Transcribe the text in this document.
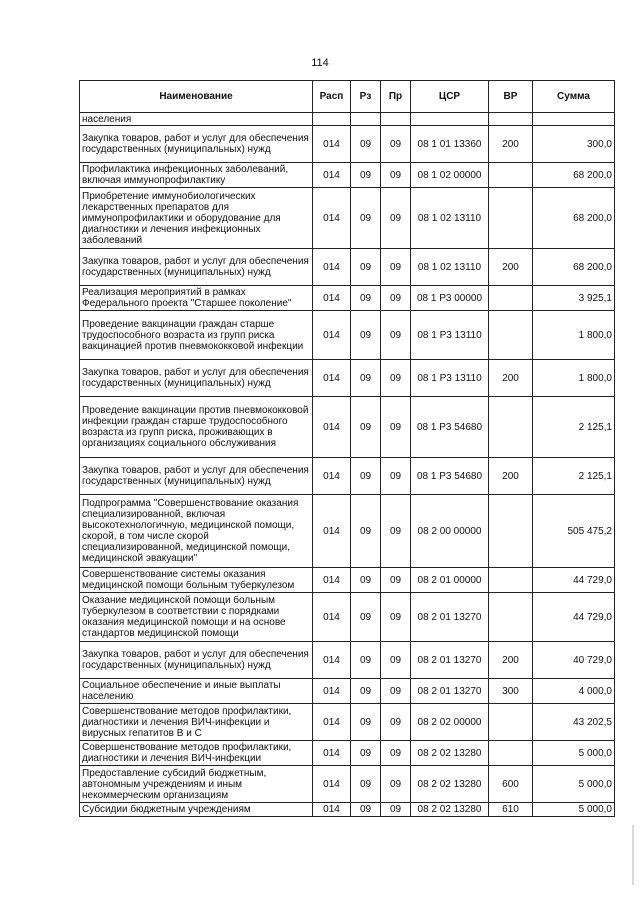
114
Наименование	Расп	Рз	Пр	ЦСР	ВР	Сумма
населения						
Закупка товаров, работ и услуг для обеспечения государственных (муниципальных) нужд	014	09	09	08 1 01 13360	200	300,0
Профилактика инфекционных заболеваний, включая иммунопрофилактику	014	09	09	08 1 02 00000		68 200,0
Приобретение иммунобиологических лекарственных препаратов для иммунопрофилактики и оборудование для диагностики и лечения инфекционных заболеваний	014	09	09	08 1 02 13110		68 200,0
Закупка товаров, работ и услуг для обеспечения государственных (муниципальных) нужд	014	09	09	08 1 02 13110	200	68 200,0
Реализация мероприятий в рамках Федерального проекта "Старшее поколение"	014	09	09	08 1 Р3 00000		3 925,1
Проведение вакцинации граждан старше трудоспособного возраста из групп риска вакцинацией против пневмококковой инфекции	014	09	09	08 1 Р3 13110		1 800,0
Закупка товаров, работ и услуг для обеспечения государственных (муниципальных) нужд	014	09	09	08 1 Р3 13110	200	1 800,0
Проведение вакцинации против пневмококковой инфекции граждан старше трудоспособного возраста из групп риска, проживающих в организациях социального обслуживания	014	09	09	08 1 Р3 54680		2 125,1
Закупка товаров, работ и услуг для обеспечения государственных (муниципальных) нужд	014	09	09	08 1 Р3 54680	200	2 125,1
Подпрограмма "Совершенствование оказания специализированной, включая высокотехнологичную, медицинской помощи, скорой, в том числе скорой специализированной, медицинской помощи, медицинской эвакуации"	014	09	09	08 2 00 00000		505 475,2
Совершенствование системы оказания медицинской помощи больным туберкулезом	014	09	09	08 2 01 00000		44 729,0
Оказание медицинской помощи больным туберкулезом в соответствии с порядками оказания медицинской помощи и на основе стандартов медицинской помощи	014	09	09	08 2 01 13270		44 729,0
Закупка товаров, работ и услуг для обеспечения государственных (муниципальных) нужд	014	09	09	08 2 01 13270	200	40 729,0
Социальное обеспечение и иные выплаты населению	014	09	09	08 2 01 13270	300	4 000,0
Совершенствование методов профилактики, диагностики и лечения ВИЧ-инфекции и вирусных гепатитов В и С	014	09	09	08 2 02 00000		43 202,5
Совершенствование методов профилактики, диагностики и лечения ВИЧ-инфекции	014	09	09	08 2 02 13280		5 000,0
Предоставление субсидий бюджетным, автономным учреждениям и иным некоммерческим организациям	014	09	09	08 2 02 13280	600	5 000,0
Субсидии бюджетным учреждениям	014	09	09	08 2 02 13280	610	5 000,0
